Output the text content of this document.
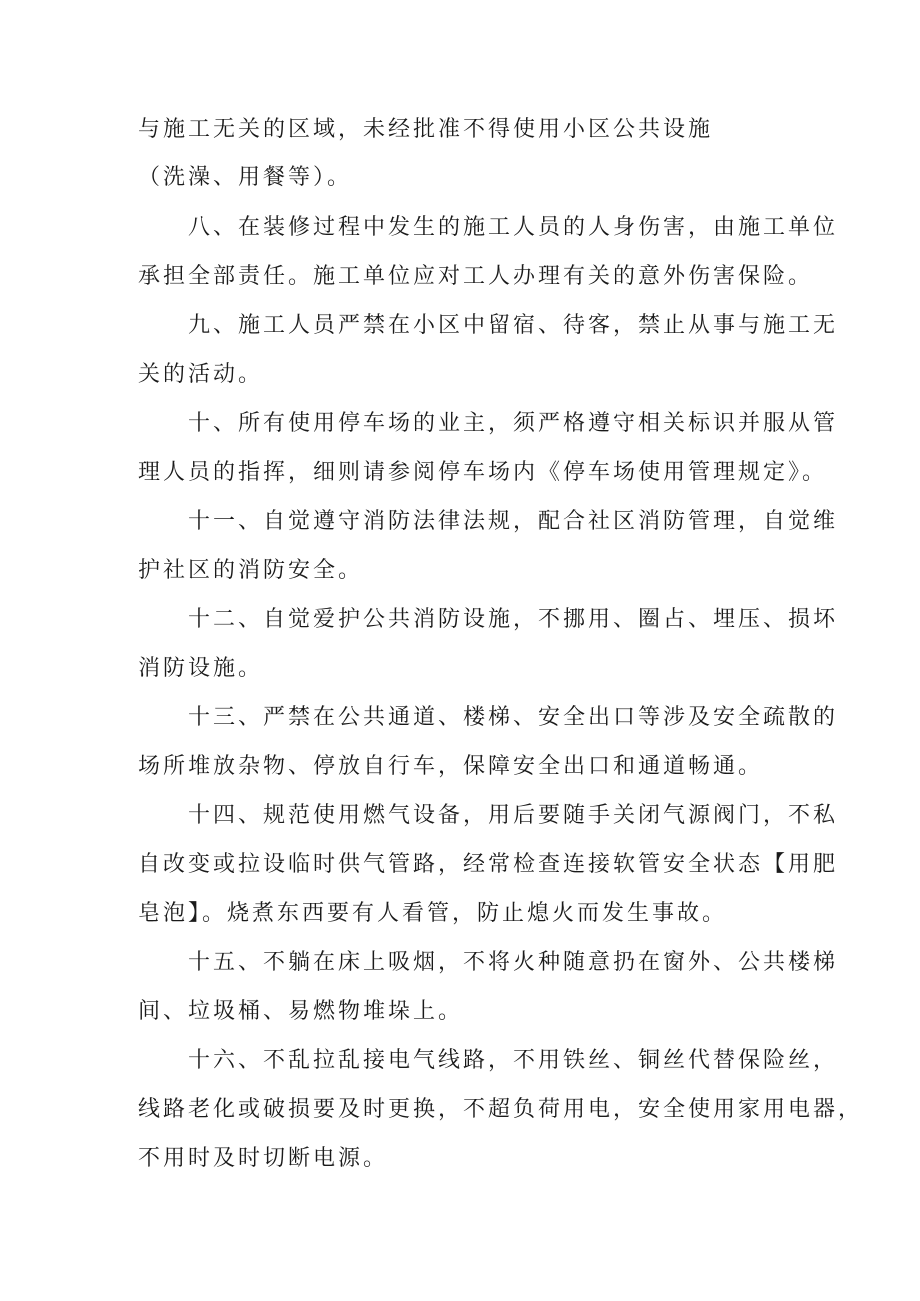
与施工无关的区域，未经批准不得使用小区公共设施
（洗澡、用餐等）。
八、在装修过程中发生的施工人员的人身伤害，由施工单位
承担全部责任。施工单位应对工人办理有关的意外伤害保险。
九、施工人员严禁在小区中留宿、待客，禁止从事与施工无
关的活动。
十、所有使用停车场的业主，须严格遵守相关标识并服从管
理人员的指挥，细则请参阅停车场内《停车场使用管理规定》。
十一、自觉遵守消防法律法规，配合社区消防管理，自觉维
护社区的消防安全。
十二、自觉爱护公共消防设施，不挪用、圈占、埋压、损坏
消防设施。
十三、严禁在公共通道、楼梯、安全出口等涉及安全疏散的
场所堆放杂物、停放自行车，保障安全出口和通道畅通。
十四、规范使用燃气设备，用后要随手关闭气源阀门，不私
自改变或拉设临时供气管路，经常检查连接软管安全状态【用肥
皂泡】。烧煮东西要有人看管，防止熄火而发生事故。
十五、不躺在床上吸烟，不将火种随意扔在窗外、公共楼梯
间、垃圾桶、易燃物堆垛上。
十六、不乱拉乱接电气线路，不用铁丝、铜丝代替保险丝，
线路老化或破损要及时更换，不超负荷用电，安全使用家用电器，
不用时及时切断电源。
